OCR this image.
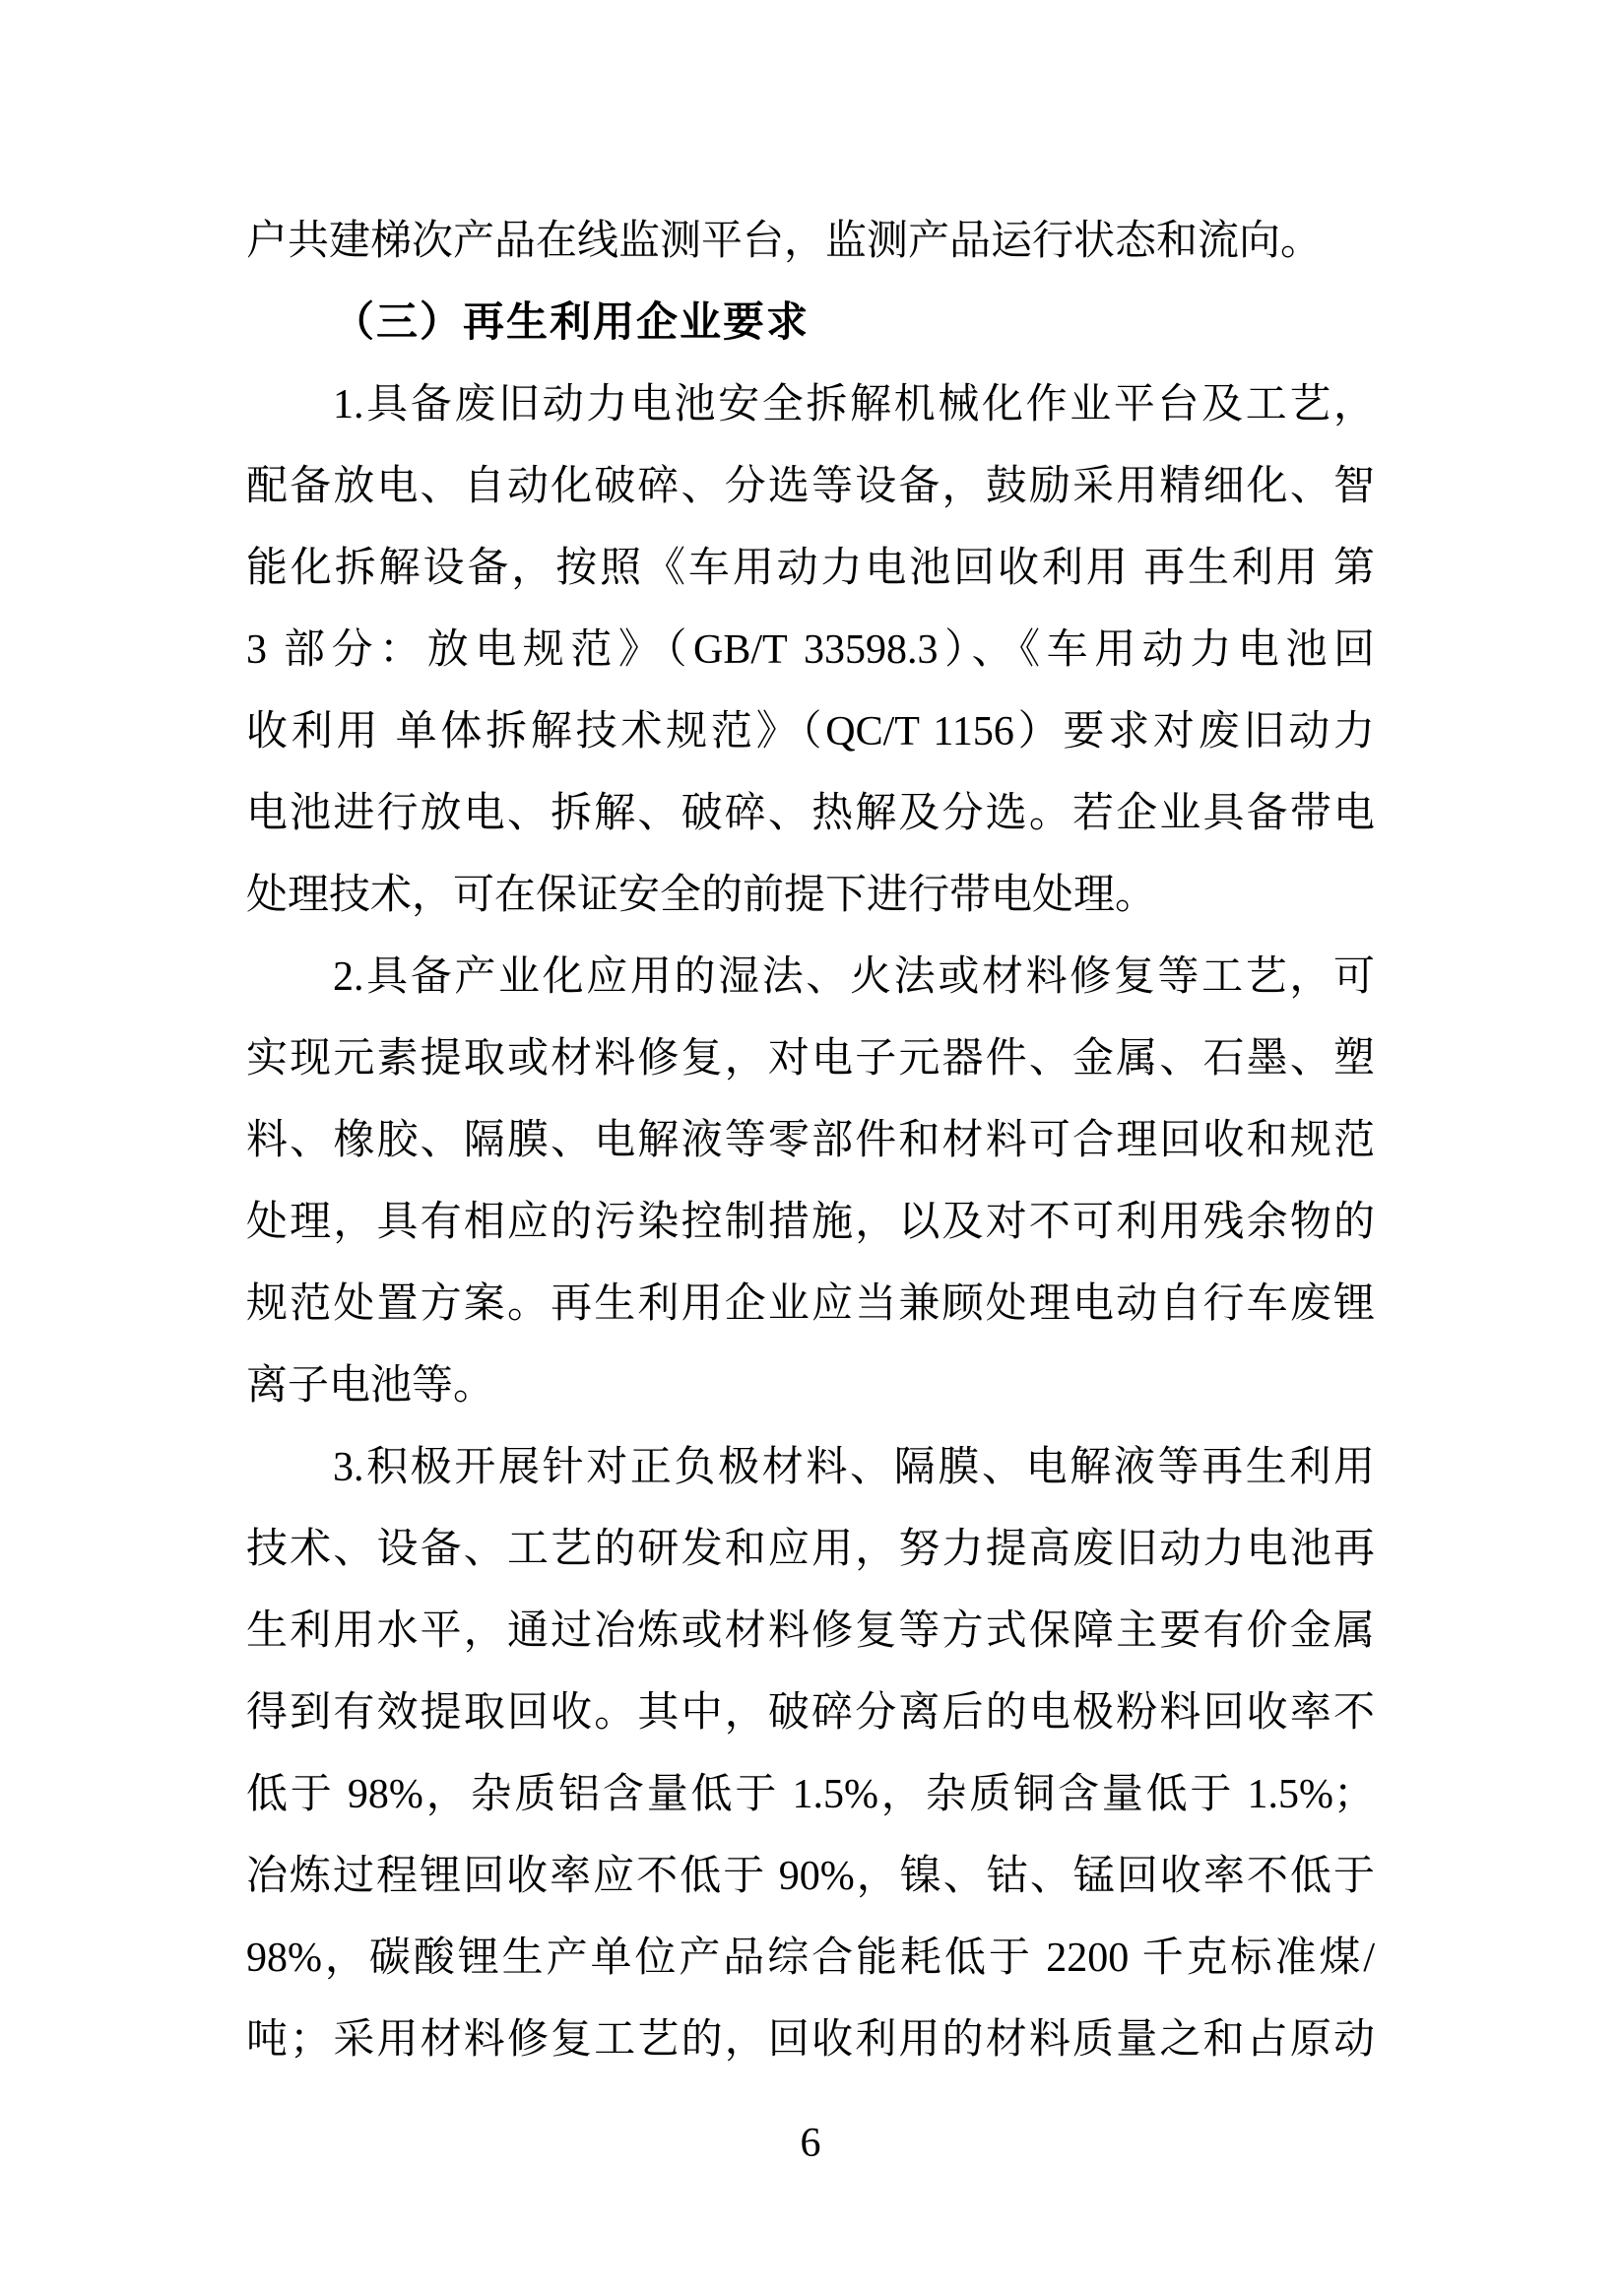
户共建梯次产品在线监测平台，监测产品运行状态和流向。
（三）再生利用企业要求
1.具备废旧动力电池安全拆解机械化作业平台及工艺，
配备放电、自动化破碎、分选等设备，鼓励采用精细化、智
能化拆解设备，按照《车用动力电池回收利用 再生利用 第
3 部分：放电规范》（GB/T 33598.3）、《车用动力电池回
收利用 单体拆解技术规范》（QC/T 1156）要求对废旧动力
电池进行放电、拆解、破碎、热解及分选。若企业具备带电
处理技术，可在保证安全的前提下进行带电处理。
2.具备产业化应用的湿法、火法或材料修复等工艺，可
实现元素提取或材料修复，对电子元器件、金属、石墨、塑
料、橡胶、隔膜、电解液等零部件和材料可合理回收和规范
处理，具有相应的污染控制措施，以及对不可利用残余物的
规范处置方案。再生利用企业应当兼顾处理电动自行车废锂
离子电池等。
3.积极开展针对正负极材料、隔膜、电解液等再生利用
技术、设备、工艺的研发和应用，努力提高废旧动力电池再
生利用水平，通过冶炼或材料修复等方式保障主要有价金属
得到有效提取回收。其中，破碎分离后的电极粉料回收率不
低于 98%，杂质铝含量低于 1.5%，杂质铜含量低于 1.5%；
冶炼过程锂回收率应不低于 90%，镍、钴、锰回收率不低于
98%，碳酸锂生产单位产品综合能耗低于 2200 千克标准煤/
吨；采用材料修复工艺的，回收利用的材料质量之和占原动
6
